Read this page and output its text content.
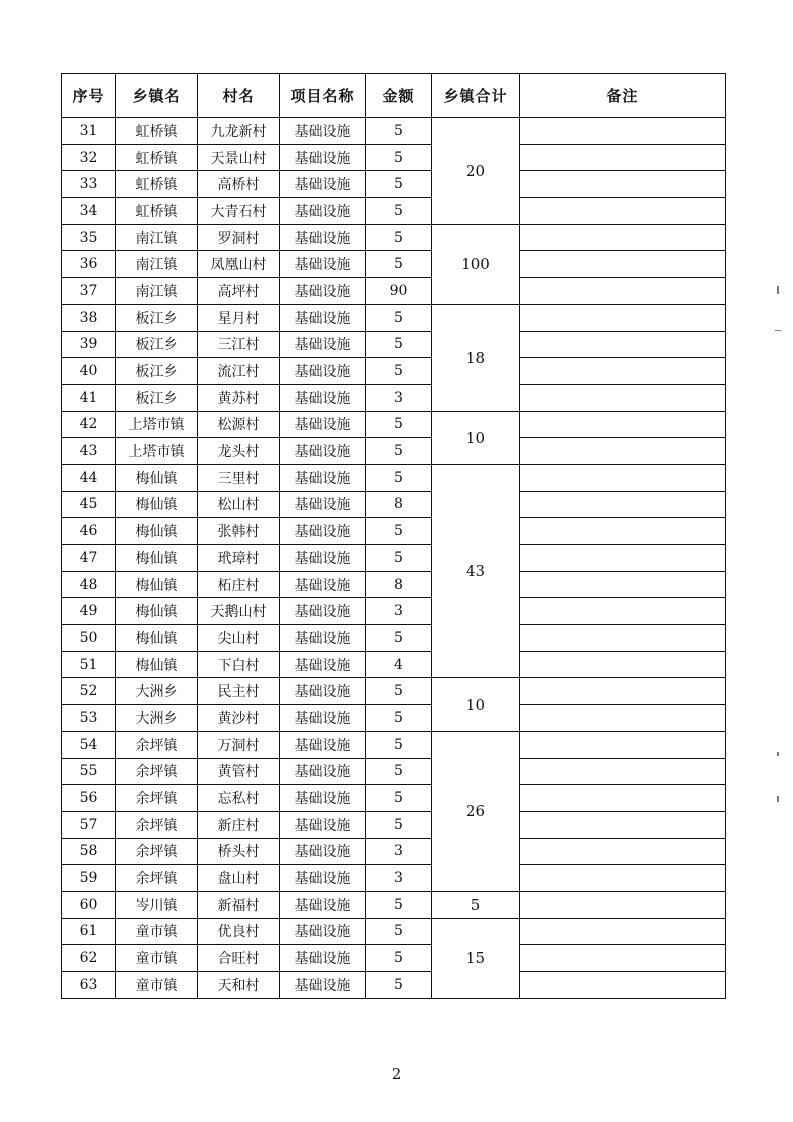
序号	乡镇名	村名	项目名称	金额	乡镇合计	备注
31	虹桥镇	九龙新村	基础设施	5	20	
32	虹桥镇	天景山村	基础设施	5		
33	虹桥镇	高桥村	基础设施	5		
34	虹桥镇	大青石村	基础设施	5		
35	南江镇	罗洞村	基础设施	5	100	
36	南江镇	凤凰山村	基础设施	5		
37	南江镇	高坪村	基础设施	90		
38	板江乡	星月村	基础设施	5	18	
39	板江乡	三江村	基础设施	5		
40	板江乡	流江村	基础设施	5		
41	板江乡	黄苏村	基础设施	3		
42	上塔市镇	松源村	基础设施	5	10	
43	上塔市镇	龙头村	基础设施	5		
44	梅仙镇	三里村	基础设施	5	43	
45	梅仙镇	松山村	基础设施	8		
46	梅仙镇	张韩村	基础设施	5		
47	梅仙镇	玳璋村	基础设施	5		
48	梅仙镇	柘庄村	基础设施	8		
49	梅仙镇	天鹅山村	基础设施	3		
50	梅仙镇	尖山村	基础设施	5		
51	梅仙镇	下白村	基础设施	4		
52	大洲乡	民主村	基础设施	5	10	
53	大洲乡	黄沙村	基础设施	5		
54	余坪镇	万洞村	基础设施	5	26	
55	余坪镇	黄管村	基础设施	5		
56	余坪镇	忘私村	基础设施	5		
57	余坪镇	新庄村	基础设施	5		
58	余坪镇	桥头村	基础设施	3		
59	余坪镇	盘山村	基础设施	3		
60	岑川镇	新福村	基础设施	5	5	
61	童市镇	优良村	基础设施	5	15	
62	童市镇	合旺村	基础设施	5		
63	童市镇	天和村	基础设施	5		
2
